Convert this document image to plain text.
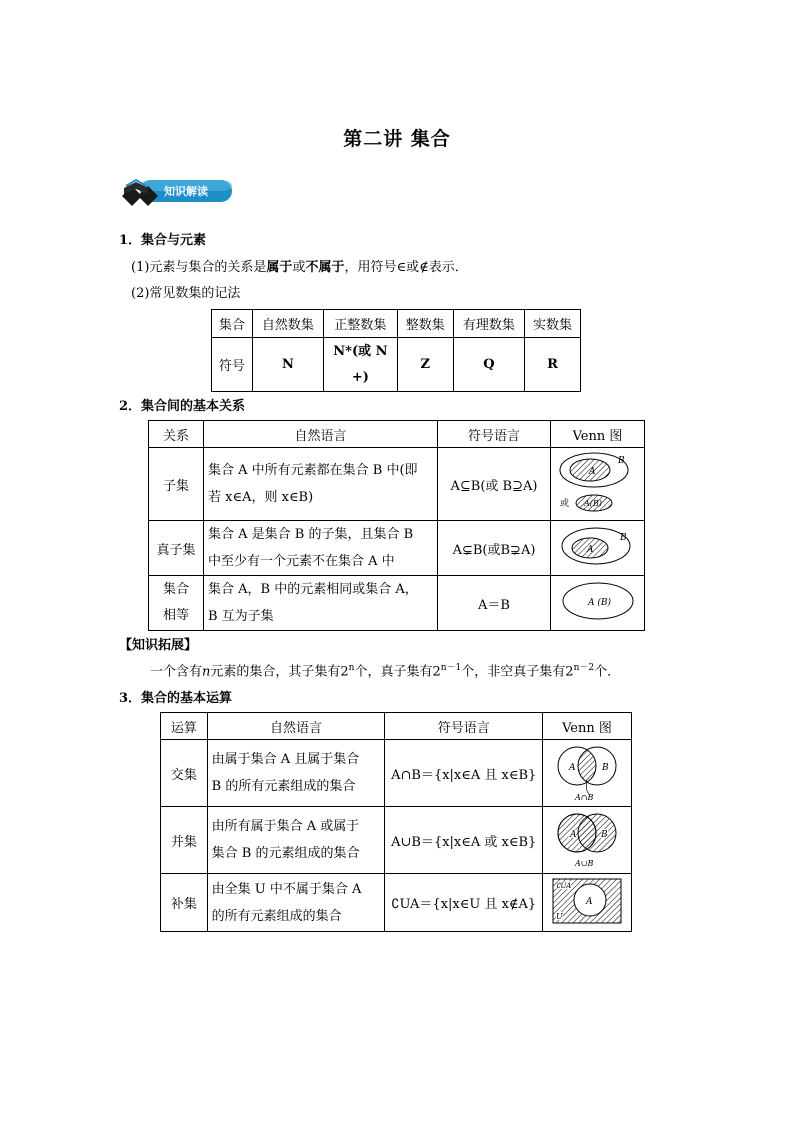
第二讲 集合
知识解读
1．集合与元素
(1)元素与集合的关系是属于或不属于，用符号∈或∉表示．
(2)常见数集的记法
集合	自然数集	正整数集	整数集	有理数集	实数集
符号	N	N*(或 N
+)	Z	Q	R
2．集合间的基本关系
关系	自然语言	符号语言	Venn 图
子集	集合 A 中所有元素都在集合 B 中(即
若 x∈A，则 x∈B)	A⊆B(或 B⊇A)	A
B
或 A(B)

真子集	集合 A 是集合 B 的子集，且集合 B
中至少有一个元素不在集合 A 中	A⊊B(或B⊋A)	A
B

集合
相等	集合 A，B 中的元素相同或集合 A，
B 互为子集	A＝B	A (B)
【知识拓展】
一个含有n元素的集合，其子集有2$^n$个，真子集有$2^{n-1}$个，非空真子集有$2^{n-2}$个．
3．集合的基本运算
运算	自然语言	符号语言	Venn 图
交集	由属于集合 A 且属于集合
B 的所有元素组成的集合	A∩B＝{x|x∈A 且 x∈B}	A B
A∩B

并集	由所有属于集合 A 或属于
集合 B 的元素组成的集合	A∪B＝{x|x∈A 或 x∈B}	A B
A∪B

补集	由全集 U 中不属于集合 A
的所有元素组成的集合	∁UA＝{x|x∈U 且 x∉A}	A
U
∁UA
